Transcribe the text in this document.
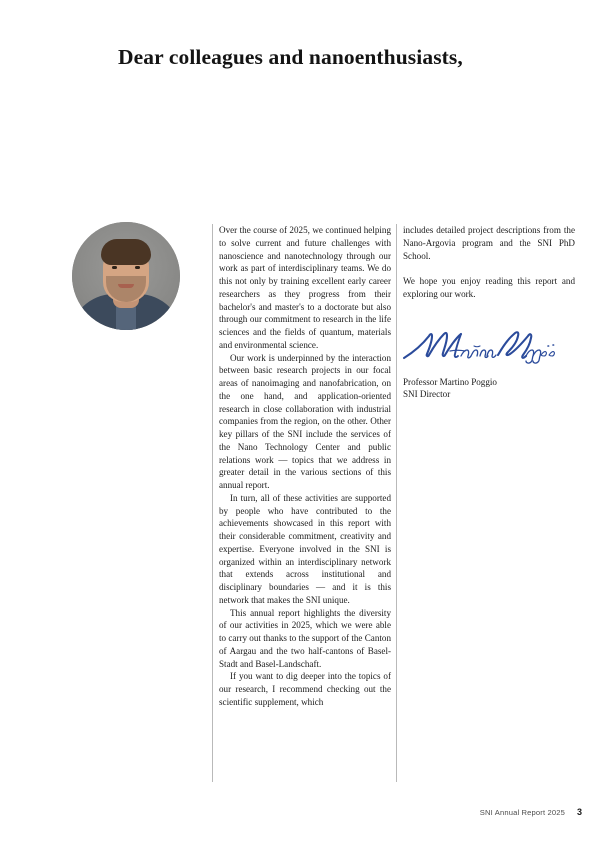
Dear colleagues and nanoenthusiasts,

Over the course of 2025, we continued helping to solve current and future challenges with nanoscience and nanotechnology through our work as part of interdisciplinary teams. We do this not only by training excellent early career researchers as they progress from their bachelor's and master's to a doctorate but also through our commitment to research in the life sciences and the fields of quantum, materials and environmental science.

Our work is underpinned by the interaction between basic research projects in our focal areas of nanoimaging and nanofabrication, on the one hand, and application-oriented research in close collaboration with industrial companies from the region, on the other. Other key pillars of the SNI include the services of the Nano Technology Center and public relations work — topics that we address in greater detail in the various sections of this annual report.

In turn, all of these activities are supported by people who have contributed to the achievements showcased in this report with their considerable commitment, creativity and expertise. Everyone involved in the SNI is organized within an interdisciplinary network that extends across institutional and disciplinary boundaries — and it is this network that makes the SNI unique.

This annual report highlights the diversity of our activities in 2025, which we were able to carry out thanks to the support of the Canton of Aargau and the two half-cantons of Basel-Stadt and Basel-Landschaft.

If you want to dig deeper into the topics of our research, I recommend checking out the scientific supplement, which

includes detailed project descriptions from the Nano-Argovia program and the SNI PhD School.

We hope you enjoy reading this report and exploring our work.

Professor Martino Poggio
SNI Director
SNI Annual Report 2025 3
